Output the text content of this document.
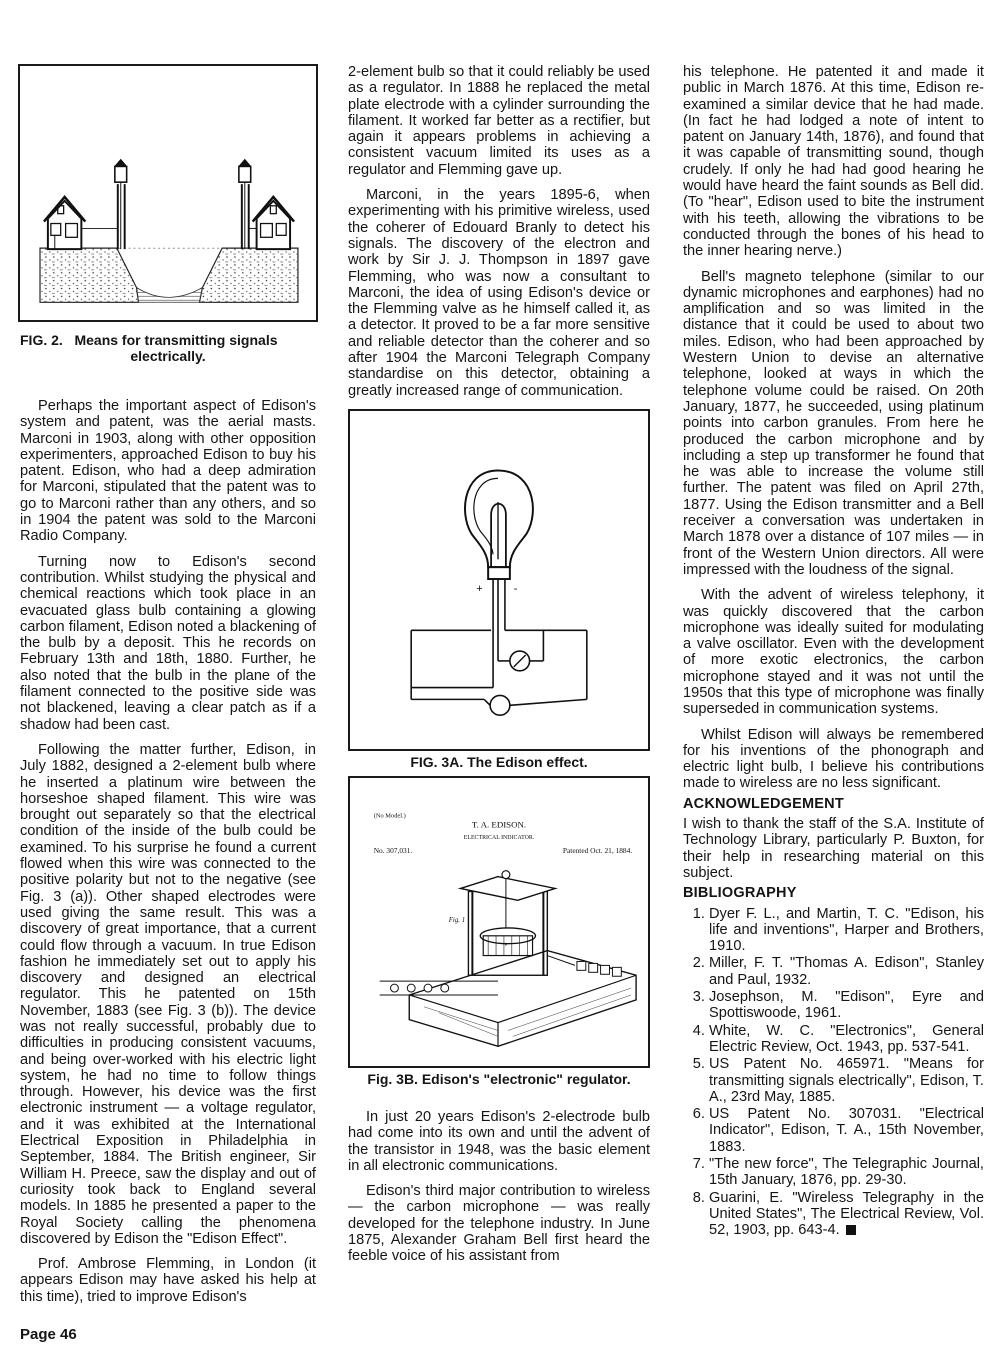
FIG. 2.   Means for transmitting signals
electrically.

Perhaps the important aspect of Edison's system and patent, was the aerial masts. Marconi in 1903, along with other opposition experimenters, approached Edison to buy his patent. Edison, who had a deep admiration for Marconi, stipulated that the patent was to go to Marconi rather than any others, and so in 1904 the patent was sold to the Marconi Radio Company.

Turning now to Edison's second contribution. Whilst studying the physical and chemical reactions which took place in an evacuated glass bulb containing a glowing carbon filament, Edison noted a blackening of the bulb by a deposit. This he records on February 13th and 18th, 1880. Further, he also noted that the bulb in the plane of the filament connected to the positive side was not blackened, leaving a clear patch as if a shadow had been cast.

Following the matter further, Edison, in July 1882, designed a 2-element bulb where he inserted a platinum wire between the horseshoe shaped filament. This wire was brought out separately so that the electrical condition of the inside of the bulb could be examined. To his surprise he found a current flowed when this wire was connected to the positive polarity but not to the negative (see Fig. 3 (a)). Other shaped electrodes were used giving the same result. This was a discovery of great importance, that a current could flow through a vacuum. In true Edison fashion he immediately set out to apply his discovery and designed an electrical regulator. This he patented on 15th November, 1883 (see Fig. 3 (b)). The device was not really successful, probably due to difficulties in producing consistent vacuums, and being over-worked with his electric light system, he had no time to follow things through. However, his device was the first electronic instrument — a voltage regulator, and it was exhibited at the International Electrical Exposition in Philadelphia in September, 1884. The British engineer, Sir William H. Preece, saw the display and out of curiosity took back to England several models. In 1885 he presented a paper to the Royal Society calling the phenomena discovered by Edison the "Edison Effect".

Prof. Ambrose Flemming, in London (it appears Edison may have asked his help at this time), tried to improve Edison's

2-element bulb so that it could reliably be used as a regulator. In 1888 he replaced the metal plate electrode with a cylinder surrounding the filament. It worked far better as a rectifier, but again it appears problems in achieving a consistent vacuum limited its uses as a regulator and Flemming gave up.

Marconi, in the years 1895-6, when experimenting with his primitive wireless, used the coherer of Edouard Branly to detect his signals. The discovery of the electron and work by Sir J. J. Thompson in 1897 gave Flemming, who was now a consultant to Marconi, the idea of using Edison's device or the Flemming valve as he himself called it, as a detector. It proved to be a far more sensitive and reliable detector than the coherer and so after 1904 the Marconi Telegraph Company standardise on this detector, obtaining a greatly increased range of communication.

+	-
FIG. 3A. The Edison effect.
(No Model.)
T. A. EDISON.
ELECTRICAL INDICATOR.
No. 307,031.	Patented Oct. 21, 1884.
Fig. 1
Fig. 3B. Edison's "electronic" regulator.

In just 20 years Edison's 2-electrode bulb had come into its own and until the advent of the transistor in 1948, was the basic element in all electronic communications.

Edison's third major contribution to wireless — the carbon microphone — was really developed for the telephone industry. In June 1875, Alexander Graham Bell first heard the feeble voice of his assistant from

his telephone. He patented it and made it public in March 1876. At this time, Edison re-examined a similar device that he had made. (In fact he had lodged a note of intent to patent on January 14th, 1876), and found that it was capable of transmitting sound, though crudely. If only he had had good hearing he would have heard the faint sounds as Bell did. (To "hear", Edison used to bite the instrument with his teeth, allowing the vibrations to be conducted through the bones of his head to the inner hearing nerve.)

Bell's magneto telephone (similar to our dynamic microphones and earphones) had no amplification and so was limited in the distance that it could be used to about two miles. Edison, who had been approached by Western Union to devise an alternative telephone, looked at ways in which the telephone volume could be raised. On 20th January, 1877, he succeeded, using platinum points into carbon granules. From here he produced the carbon microphone and by including a step up transformer he found that he was able to increase the volume still further. The patent was filed on April 27th, 1877. Using the Edison transmitter and a Bell receiver a conversation was undertaken in March 1878 over a distance of 107 miles — in front of the Western Union directors. All were impressed with the loudness of the signal.

With the advent of wireless telephony, it was quickly discovered that the carbon microphone was ideally suited for modulating a valve oscillator. Even with the development of more exotic electronics, the carbon microphone stayed and it was not until the 1950s that this type of microphone was finally superseded in communication systems.

Whilst Edison will always be remembered for his inventions of the phonograph and electric light bulb, I believe his contributions made to wireless are no less significant.

ACKNOWLEDGEMENT

I wish to thank the staff of the S.A. Institute of Technology Library, particularly P. Buxton, for their help in researching material on this subject.

BIBLIOGRAPHY
1. Dyer F. L., and Martin, T. C. "Edison, his life and inventions", Harper and Brothers, 1910.
2. Miller, F. T. "Thomas A. Edison", Stanley and Paul, 1932.
3. Josephson, M. "Edison", Eyre and Spottiswoode, 1961.
4. White, W. C. "Electronics", General Electric Review, Oct. 1943, pp. 537-541.
5. US Patent No. 465971. "Means for transmitting signals electrically", Edison, T. A., 23rd May, 1885.
6. US Patent No. 307031. "Electrical Indicator", Edison, T. A., 15th November, 1883.
7. "The new force", The Telegraphic Journal, 15th January, 1876, pp. 29-30.
8. Guarini, E. "Wireless Telegraphy in the United States", The Electrical Review, Vol. 52, 1903, pp. 643-4.
Page 46
